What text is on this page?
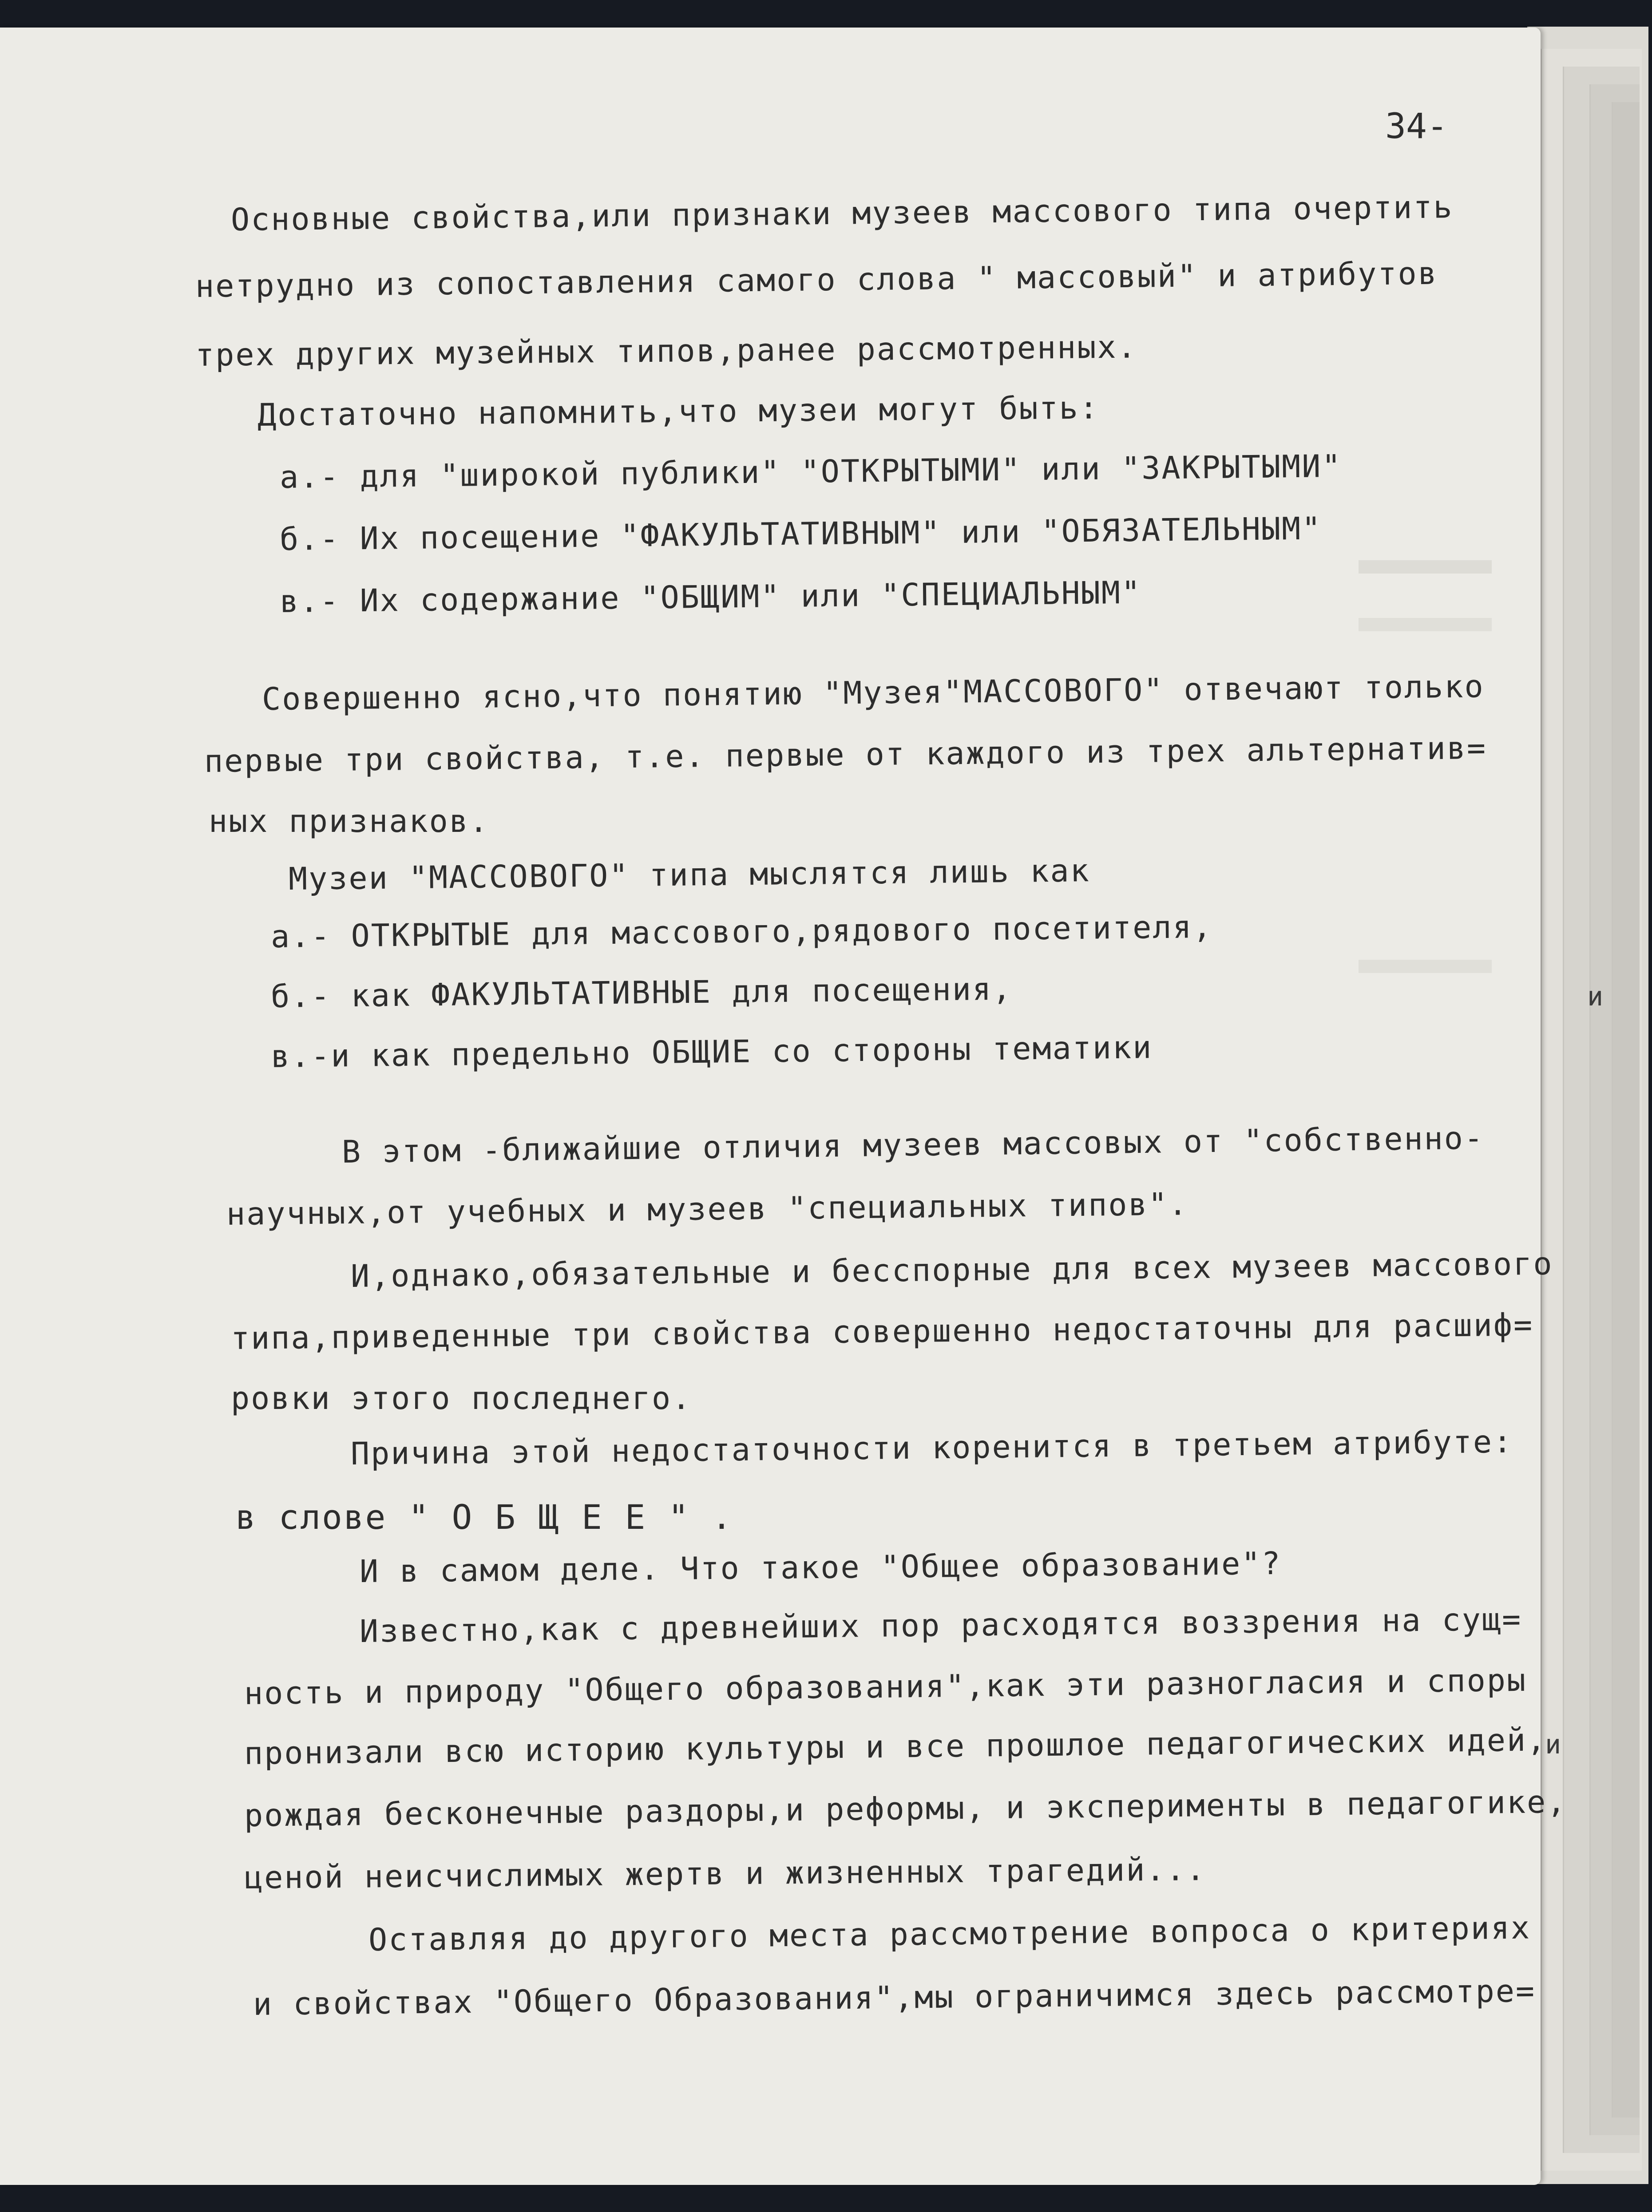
34-
Основные свойства,или признаки музеев массового типа очертить
нетрудно из сопоставления самого слова " массовый" и атрибутов
трех других музейных типов,ранее рассмотренных.
Достаточно напомнить,что музеи могут быть:
а.- для "широкой публики" "ОТКРЫТЫМИ" или "ЗАКРЫТЫМИ"
б.- Их посещение "ФАКУЛЬТАТИВНЫМ" или "ОБЯЗАТЕЛЬНЫМ"
в.- Их содержание "ОБЩИМ" или "СПЕЦИАЛЬНЫМ"
Совершенно ясно,что понятию "Музея"МАССОВОГО" отвечают только
первые три свойства, т.е. первые от каждого из трех альтернатив=
ных признаков.
Музеи "МАССОВОГО" типа мыслятся лишь как
а.- ОТКРЫТЫЕ для массового,рядового посетителя,
б.- как ФАКУЛЬТАТИВНЫЕ для посещения,
в.-и как предельно ОБЩИЕ со стороны тематики
В этом -ближайшие отличия музеев массовых от "собственно-
научных,от учебных и музеев "специальных типов".
И,однако,обязательные и бесспорные для всех музеев массового
типа,приведенные три свойства совершенно недостаточны для расшиф=
ровки этого последнего.
Причина этой недостаточности коренится в третьем атрибуте:
в слове " О Б Щ Е Е " .
И в самом деле. Что такое "Общее образование"?
Известно,как с древнейших пор расходятся воззрения на сущ=
ность и природу "Общего образования",как эти разногласия и споры
пронизали всю историю культуры и все прошлое педагогических идей,
рождая бесконечные раздоры,и реформы, и эксперименты в педагогике,
ценой неисчислимых жертв и жизненных трагедий...
Оставляя до другого места рассмотрение вопроса о критериях
и свойствах "Общего Образования",мы ограничимся здесь рассмотре=
и
и
